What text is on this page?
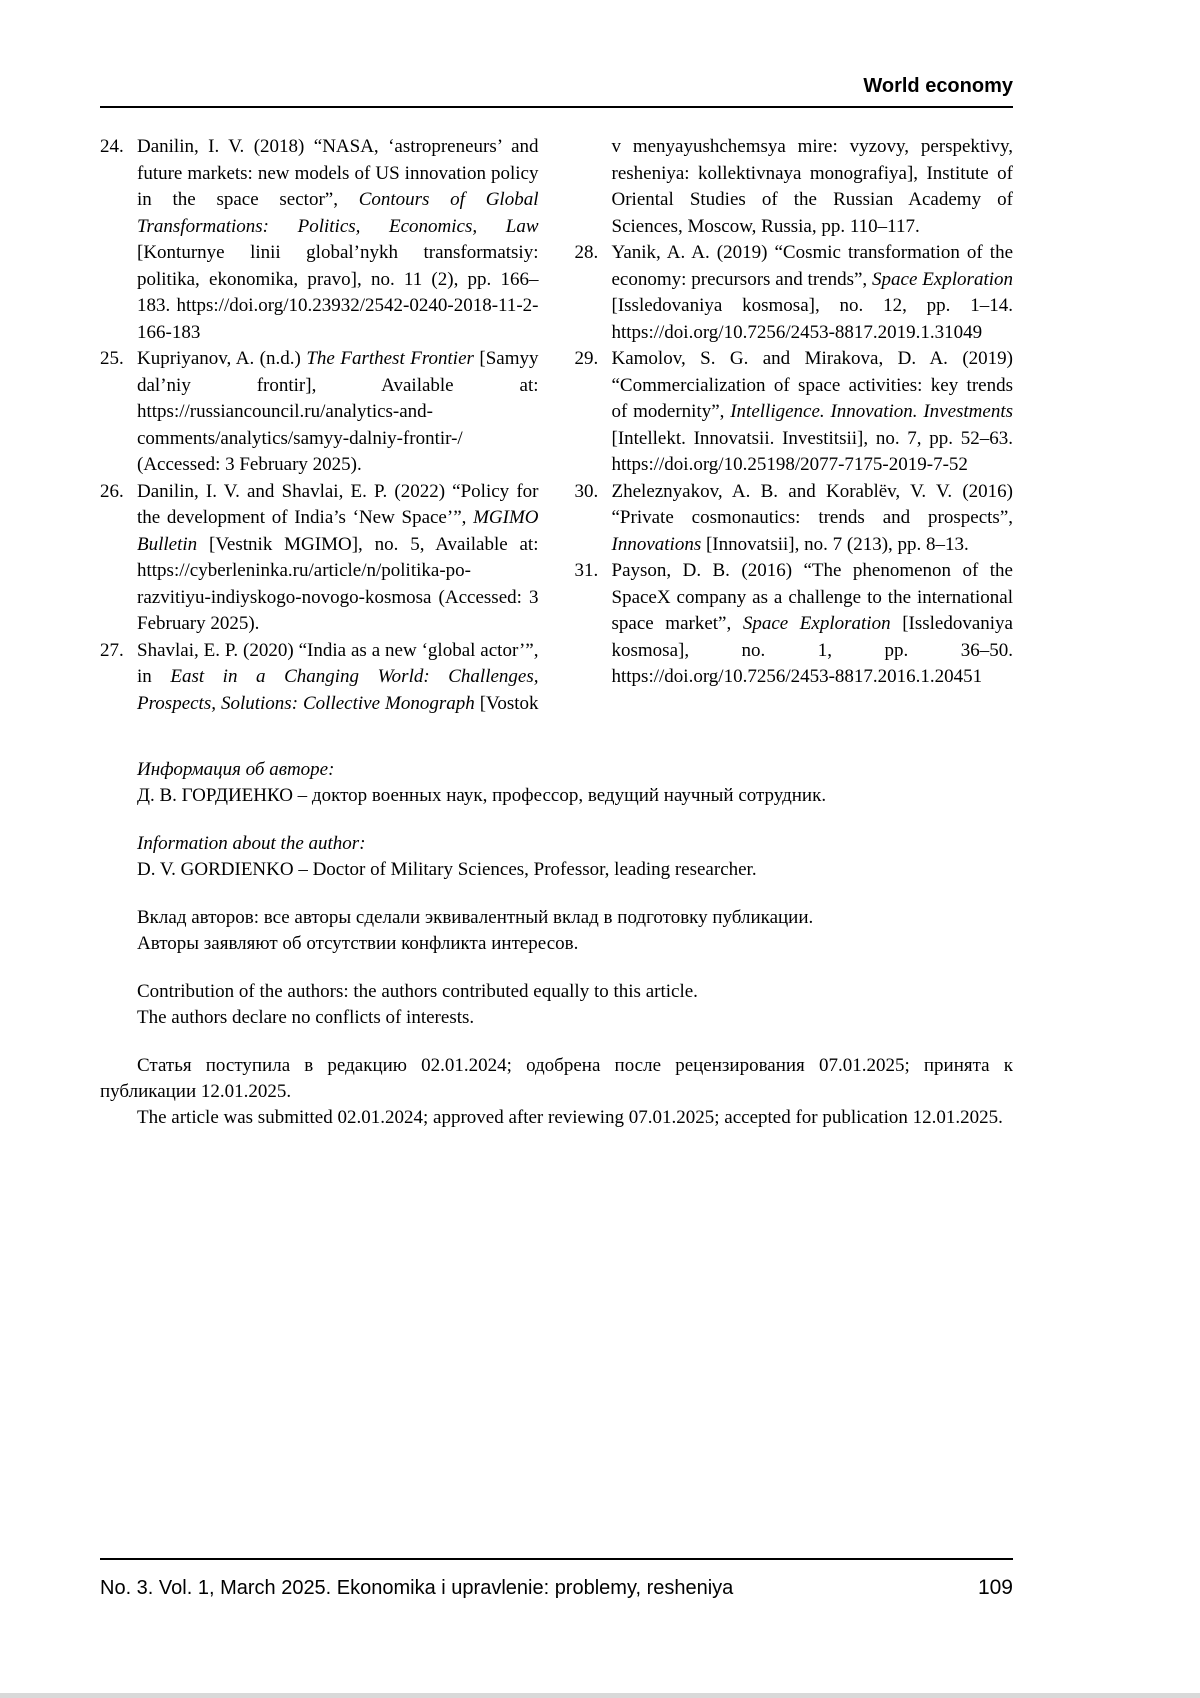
World economy
24. Danilin, I. V. (2018) “NASA, ‘astropreneurs’ and future markets: new models of US innovation policy in the space sector”, Contours of Global Transformations: Politics, Economics, Law [Konturnye linii global’nykh transformatsiy: politika, ekonomika, pravo], no. 11 (2), pp. 166–183. https://doi.org/10.23932/2542-0240-2018-11-2-166-183
25. Kupriyanov, A. (n.d.) The Farthest Frontier [Samyy dal’niy frontir], Available at: https://russiancouncil.ru/analytics-and-comments/analytics/samyy-dalniy-frontir-/ (Accessed: 3 February 2025).
26. Danilin, I. V. and Shavlai, E. P. (2022) “Policy for the development of India’s ‘New Space’”, MGIMO Bulletin [Vestnik MGIMO], no. 5, Available at: https://cyberleninka.ru/article/n/politika-po-razvitiyu-indiyskogo-novogo-kosmosa (Accessed: 3 February 2025).
27. Shavlai, E. P. (2020) “India as a new ‘global actor’”, in East in a Changing World: Challenges, Prospects, Solutions: Collective Monograph [Vostok v menyayushchemsya mire: vyzovy, perspektivy, resheniya: kollektivnaya monografiya], Institute of Oriental Studies of the Russian Academy of Sciences, Moscow, Russia, pp. 110–117.
28. Yanik, A. A. (2019) “Cosmic transformation of the economy: precursors and trends”, Space Exploration [Issledovaniya kosmosa], no. 12, pp. 1–14. https://doi.org/10.7256/2453-8817.2019.1.31049
29. Kamolov, S. G. and Mirakova, D. A. (2019) “Commercialization of space activities: key trends of modernity”, Intelligence. Innovation. Investments [Intellekt. Innovatsii. Investitsii], no. 7, pp. 52–63. https://doi.org/10.25198/2077-7175-2019-7-52
30. Zheleznyakov, A. B. and Korablëv, V. V. (2016) “Private cosmonautics: trends and prospects”, Innovations [Innovatsii], no. 7 (213), pp. 8–13.
31. Payson, D. B. (2016) “The phenomenon of the SpaceX company as a challenge to the international space market”, Space Exploration [Issledovaniya kosmosa], no. 1, pp. 36–50. https://doi.org/10.7256/2453-8817.2016.1.20451

Информация об авторе:

Д. В. ГОРДИЕНКО – доктор военных наук, профессор, ведущий научный сотрудник.

Information about the author:

D. V. GORDIENKO – Doctor of Military Sciences, Professor, leading researcher.

Вклад авторов: все авторы сделали эквивалентный вклад в подготовку публикации.

Авторы заявляют об отсутствии конфликта интересов.

Contribution of the authors: the authors contributed equally to this article.

The authors declare no conflicts of interests.

Статья поступила в редакцию 02.01.2024; одобрена после рецензирования 07.01.2025; принята к публикации 12.01.2025.

The article was submitted 02.01.2024; approved after reviewing 07.01.2025; accepted for publication 12.01.2025.

No. 3. Vol. 1, March 2025. Ekonomika i upravlenie: problemy, resheniya	109
